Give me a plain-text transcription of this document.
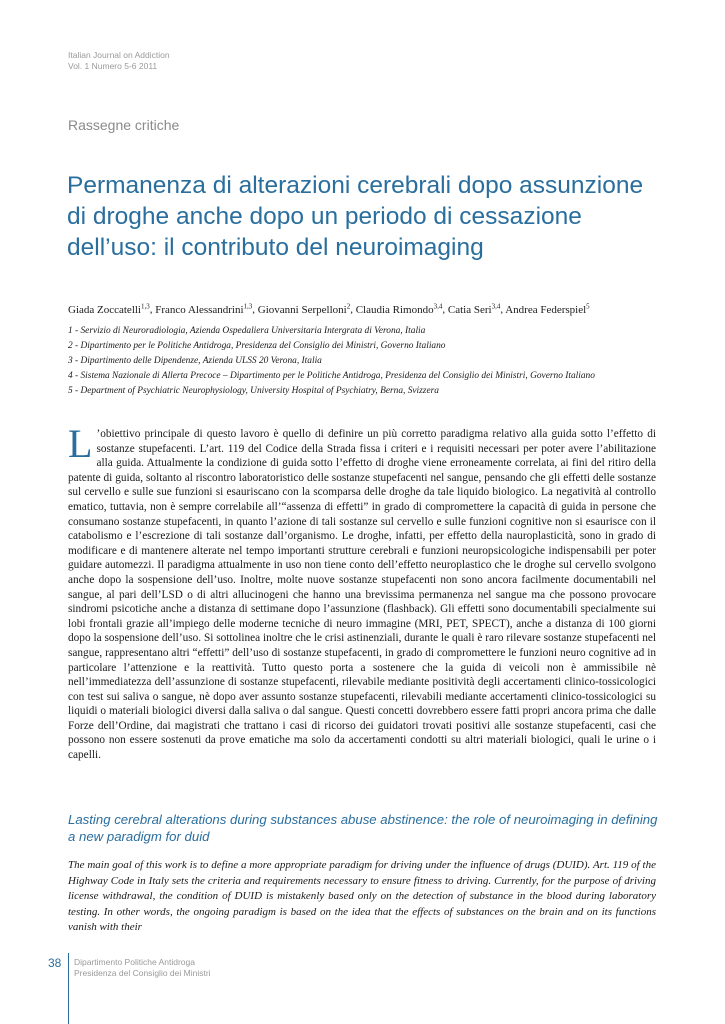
Italian Journal on Addiction
Vol. 1 Numero 5-6 2011
Rassegne critiche
Permanenza di alterazioni cerebrali dopo assunzione di droghe anche dopo un periodo di cessazione dell’uso: il contributo del neuroimaging
Giada Zoccatelli$^{1,3}$, Franco Alessandrini$^{1,3}$, Giovanni Serpelloni$^2$, Claudia Rimondo$^{3,4}$, Catia Seri$^{3,4}$, Andrea Federspiel$^5$
1 - Servizio di Neuroradiologia, Azienda Ospedaliera Universitaria Intergrata di Verona, Italia
2 - Dipartimento per le Politiche Antidroga, Presidenza del Consiglio dei Ministri, Governo Italiano
3 - Dipartimento delle Dipendenze, Azienda ULSS 20 Verona, Italia
4 - Sistema Nazionale di Allerta Precoce – Dipartimento per le Politiche Antidroga, Presidenza del Consiglio dei Ministri, Governo Italiano
5 - Department of Psychiatric Neurophysiology, University Hospital of Psychiatry, Berna, Svizzera
L ’obiettivo principale di questo lavoro è quello di definire un più corretto paradigma relativo alla guida sotto l’effetto di sostanze stupefacenti. L’art. 119 del Codice della Strada fissa i criteri e i requisiti necessari per poter avere l’abilitazione alla guida. Attualmente la condizione di guida sotto l’effetto di droghe viene erroneamente correlata, ai fini del ritiro della patente di guida, soltanto al riscontro laboratoristico delle sostanze stupefacenti nel sangue, pensando che gli effetti delle sostanze sul cervello e sulle sue funzioni si esauriscano con la scomparsa delle droghe da tale liquido biologico. La negatività al controllo ematico, tuttavia, non è sempre correlabile all’“assenza di effetti” in grado di compromettere la capacità di guida in persone che consumano sostanze stupefacenti, in quanto l’azione di tali sostanze sul cervello e sulle funzioni cognitive non si esaurisce con il catabolismo e l’escrezione di tali sostanze dall’organismo. Le droghe, infatti, per effetto della nauroplasticità, sono in grado di modificare e di mantenere alterate nel tempo importanti strutture cerebrali e funzioni neuropsicologiche indispensabili per poter guidare automezzi. Il paradigma attualmente in uso non tiene conto dell’effetto neuroplastico che le droghe sul cervello svolgono anche dopo la sospensione dell’uso. Inoltre, molte nuove sostanze stupefacenti non sono ancora facilmente documentabili nel sangue, al pari dell’LSD o di altri allucinogeni che hanno una brevissima permanenza nel sangue ma che possono provocare sindromi psicotiche anche a distanza di settimane dopo l’assunzione (flashback). Gli effetti sono documentabili specialmente sui lobi frontali grazie all’impiego delle moderne tecniche di neuro immagine (MRI, PET, SPECT), anche a distanza di 100 giorni dopo la sospensione dell’uso. Si sottolinea inoltre che le crisi astinenziali, durante le quali è raro rilevare sostanze stupefacenti nel sangue, rappresentano altri “effetti” dell’uso di sostanze stupefacenti, in grado di compromettere le funzioni neuro cognitive ad in particolare l’attenzione e la reattività. Tutto questo porta a sostenere che la guida di veicoli non è ammissibile nè nell’immediatezza dell’assunzione di sostanze stupefacenti, rilevabile mediante positività degli accertamenti clinico-tossicologici con test sui saliva o sangue, nè dopo aver assunto sostanze stupefacenti, rilevabili mediante accertamenti clinico-tossicologici su liquidi o materiali biologici diversi dalla saliva o dal sangue. Questi concetti dovrebbero essere fatti propri ancora prima che dalle Forze dell’Ordine, dai magistrati che trattano i casi di ricorso dei guidatori trovati positivi alle sostanze stupefacenti, casi che possono non essere sostenuti da prove ematiche ma solo da accertamenti condotti su altri materiali biologici, quali le urine o i capelli.

Lasting cerebral alterations during substances abuse abstinence: the role of neuroimaging in defining a new paradigm for duid
The main goal of this work is to define a more appropriate paradigm for driving under the influence of drugs (DUID). Art. 119 of the Highway Code in Italy sets the criteria and requirements necessary to ensure fitness to driving. Currently, for the purpose of driving license withdrawal, the condition of DUID is mistakenly based only on the detection of substance in the blood during laboratory testing. In other words, the ongoing paradigm is based on the idea that the effects of substances on the brain and on its functions vanish with their
38 Dipartimento Politiche Antidroga
Presidenza del Consiglio dei Ministri
